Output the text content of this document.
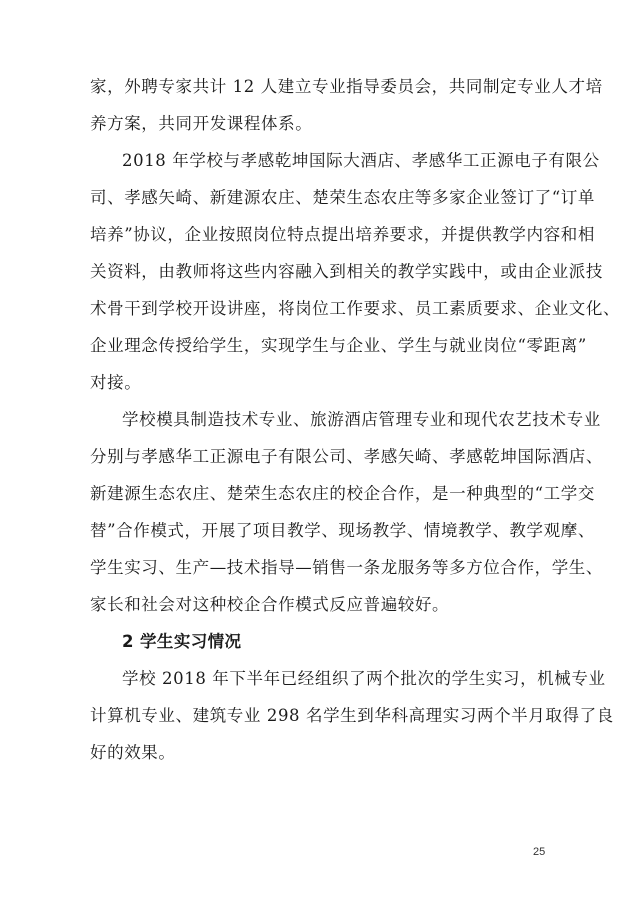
家，外聘专家共计 12 人建立专业指导委员会，共同制定专业人才培
养方案，共同开发课程体系。
2018 年学校与孝感乾坤国际大酒店、孝感华工正源电子有限公
司、孝感矢崎、新建源农庄、楚荣生态农庄等多家企业签订了“订单
培养”协议，企业按照岗位特点提出培养要求，并提供教学内容和相
关资料，由教师将这些内容融入到相关的教学实践中，或由企业派技
术骨干到学校开设讲座，将岗位工作要求、员工素质要求、企业文化、
企业理念传授给学生，实现学生与企业、学生与就业岗位“零距离”
对接。
学校模具制造技术专业、旅游酒店管理专业和现代农艺技术专业
分别与孝感华工正源电子有限公司、孝感矢崎、孝感乾坤国际酒店、
新建源生态农庄、楚荣生态农庄的校企合作，是一种典型的“工学交
替”合作模式，开展了项目教学、现场教学、情境教学、教学观摩、
学生实习、生产—技术指导—销售一条龙服务等多方位合作，学生、
家长和社会对这种校企合作模式反应普遍较好。
2 学生实习情况
学校 2018 年下半年已经组织了两个批次的学生实习，机械专业
计算机专业、建筑专业 298 名学生到华科高理实习两个半月取得了良
好的效果。
25
